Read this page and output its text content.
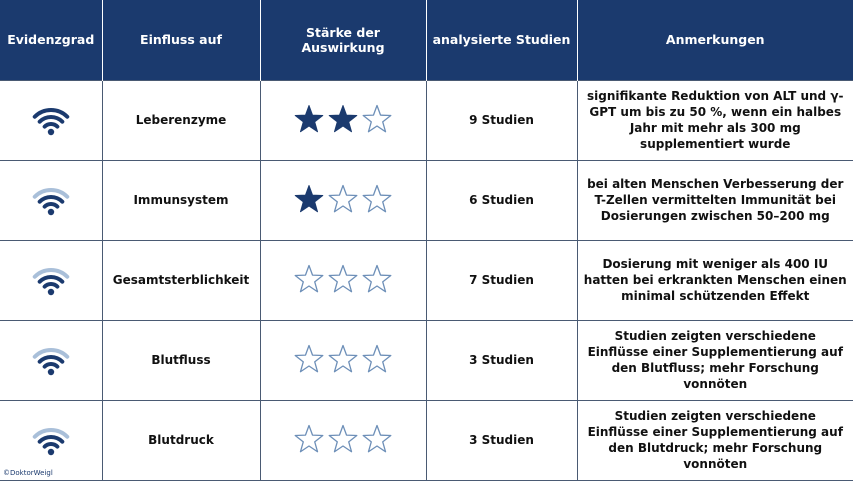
Evidenzgrad	Einfluss auf	Stärke der Auswirkung	analysierte Studien	Anmerkungen

	Leberenzyme		9 Studien	signifikante Reduktion von ALT und γ-GPT um bis zu 50 %, wenn ein halbes Jahr mit mehr als 300 mg supplementiert wurde

	Immunsystem		6 Studien	bei alten Menschen Verbesserung der T-Zellen vermittelten Immunität bei Dosierungen zwischen 50–200 mg

	Gesamtsterblichkeit		7 Studien	Dosierung mit weniger als 400 IU hatten bei erkrankten Menschen einen minimal schützenden Effekt

	Blutfluss		3 Studien	Studien zeigten verschiedene Einflüsse einer Supplementierung auf den Blutfluss; mehr Forschung vonnöten

	Blutdruck		3 Studien	Studien zeigten verschiedene Einflüsse einer Supplementierung auf den Blutdruck; mehr Forschung vonnöten
©DoktorWeigl
